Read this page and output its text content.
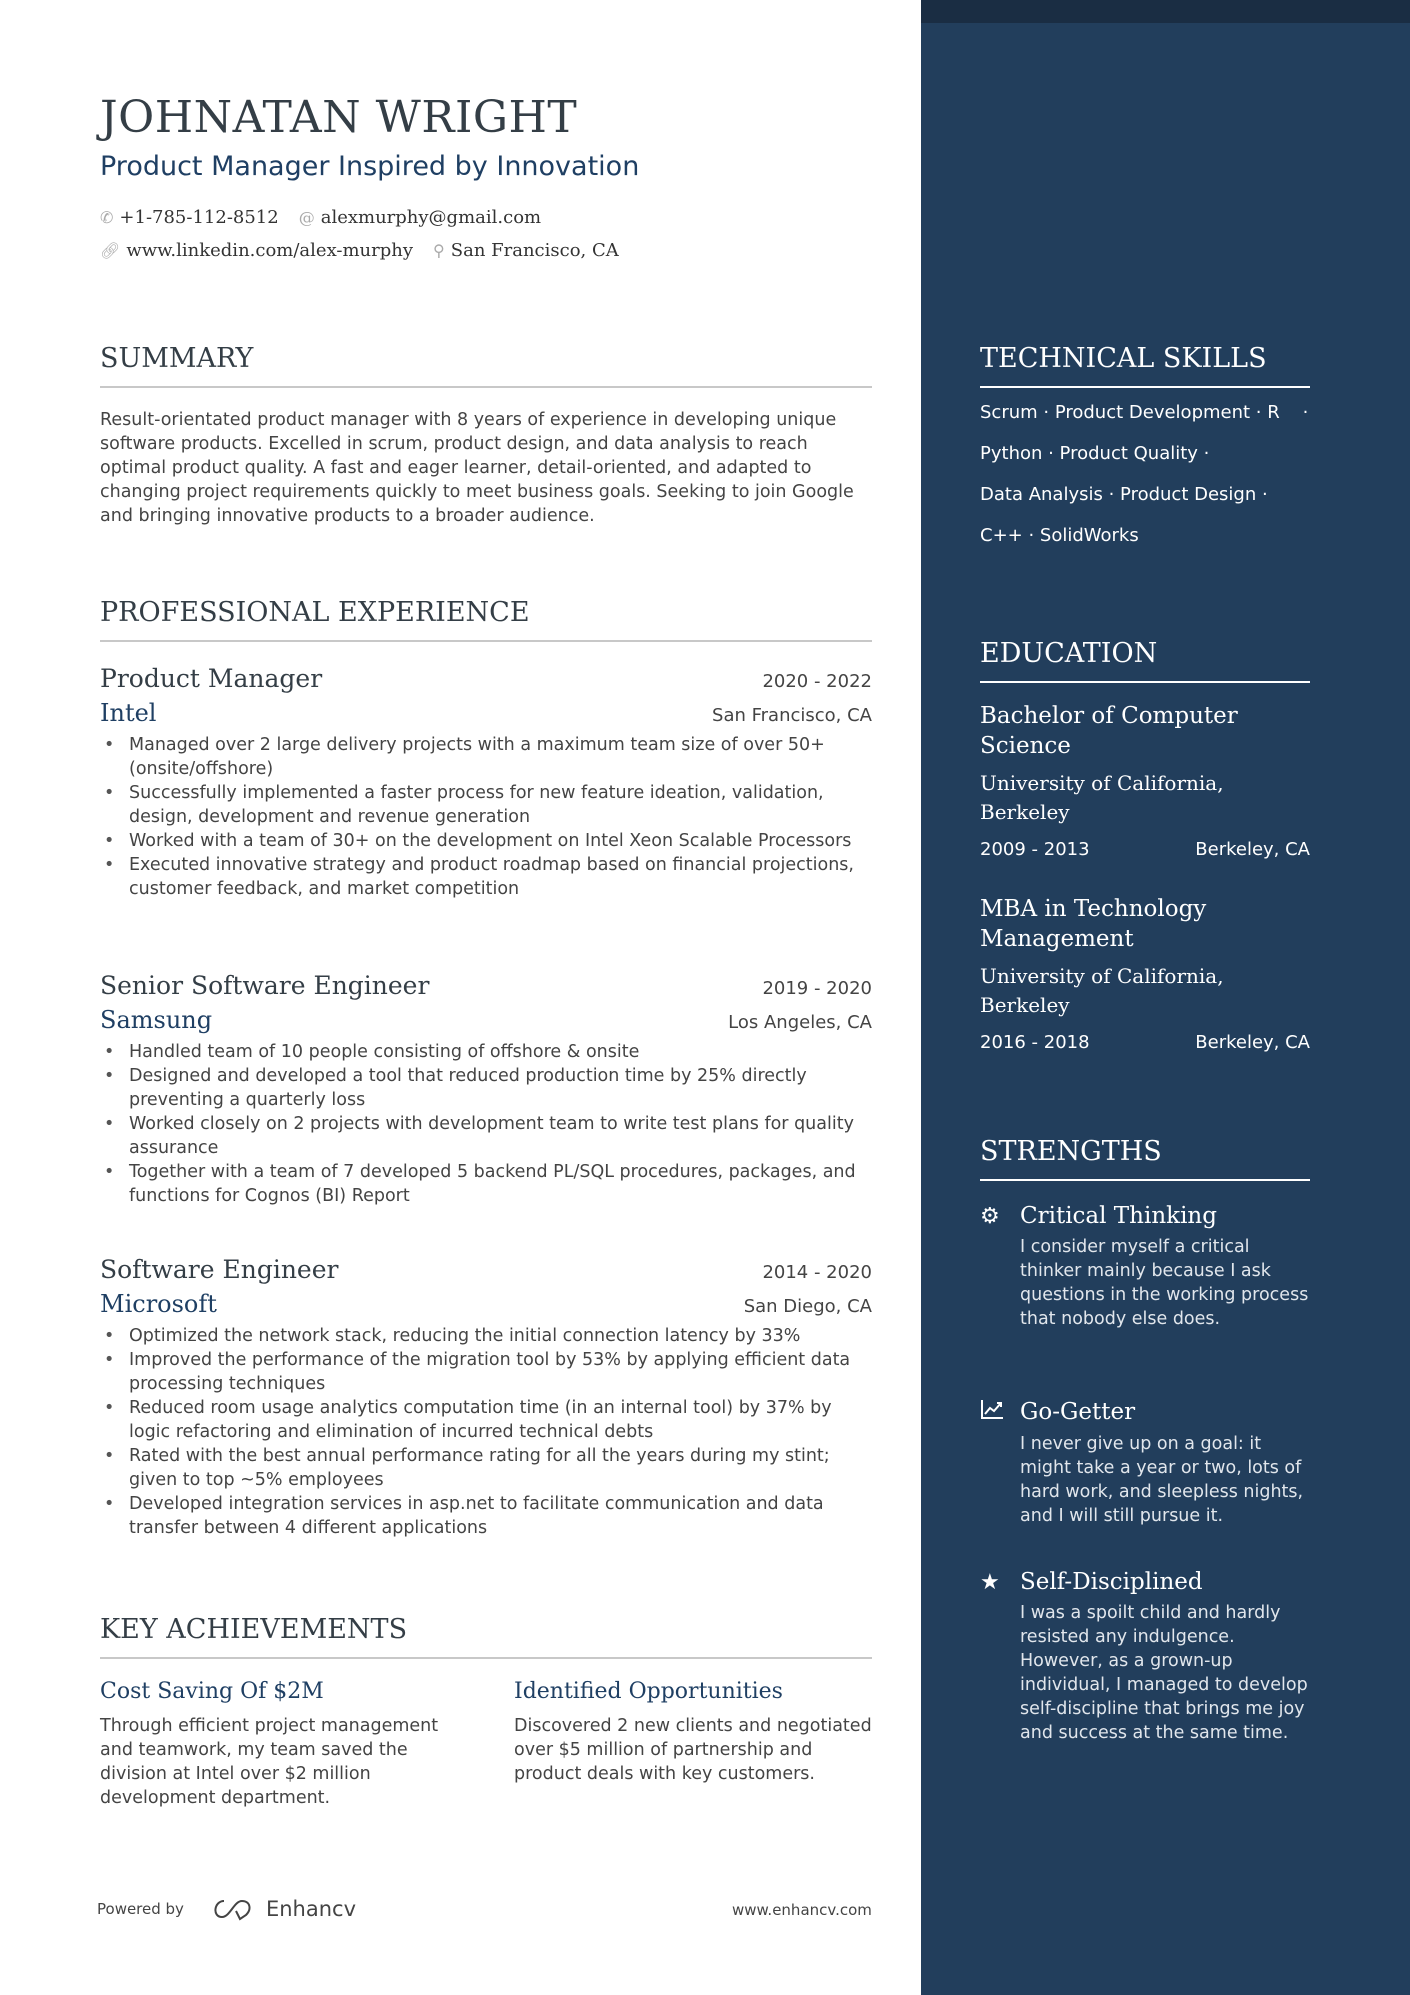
JOHNATAN WRIGHT
Product Manager Inspired by Innovation
✆ +1-785-112-8512 @ alexmurphy@gmail.com
🔗︎ www.linkedin.com/alex-murphy ⚲ San Francisco, CA
SUMMARY
Result-orientated product manager with 8 years of experience in developing unique software products. Excelled in scrum, product design, and data analysis to reach optimal product quality. A fast and eager learner, detail-oriented, and adapted to changing project requirements quickly to meet business goals. Seeking to join Google and bringing innovative products to a broader audience.
PROFESSIONAL EXPERIENCE
Product Manager	2020 - 2022
Intel	San Francisco, CA
• Managed over 2 large delivery projects with a maximum team size of over 50+ (onsite/offshore)
• Successfully implemented a faster process for new feature ideation, validation, design, development and revenue generation
• Worked with a team of 30+ on the development on Intel Xeon Scalable Processors
• Executed innovative strategy and product roadmap based on financial projections, customer feedback, and market competition
Senior Software Engineer	2019 - 2020
Samsung	Los Angeles, CA
• Handled team of 10 people consisting of offshore & onsite
• Designed and developed a tool that reduced production time by 25% directly preventing a quarterly loss
• Worked closely on 2 projects with development team to write test plans for quality assurance
• Together with a team of 7 developed 5 backend PL/SQL procedures, packages, and functions for Cognos (BI) Report
Software Engineer	2014 - 2020
Microsoft	San Diego, CA
• Optimized the network stack, reducing the initial connection latency by 33%
• Improved the performance of the migration tool by 53% by applying efficient data processing techniques
• Reduced room usage analytics computation time (in an internal tool) by 37% by logic refactoring and elimination of incurred technical debts
• Rated with the best annual performance rating for all the years during my stint; given to top ~5% employees
• Developed integration services in asp.net to facilitate communication and data transfer between 4 different applications
KEY ACHIEVEMENTS
Cost Saving Of $2M
Through efficient project management and teamwork, my team saved the division at Intel over $2 million development department.
Identified Opportunities
Discovered 2 new clients and negotiated over $5 million of partnership and product deals with key customers.
Powered by	Enhancv	www.enhancv.com
TECHNICAL SKILLS
Scrum · Product Development · R    ·
Python · Product Quality ·
Data Analysis · Product Design ·
C++ · SolidWorks
EDUCATION
Bachelor of Computer Science
University of California, Berkeley
2009 - 2013	Berkeley, CA
MBA in Technology Management
University of California, Berkeley
2016 - 2018	Berkeley, CA
STRENGTHS
⚙ Critical Thinking
I consider myself a critical thinker mainly because I ask questions in the working process that nobody else does.
Go-Getter
I never give up on a goal: it might take a year or two, lots of hard work, and sleepless nights, and I will still pursue it.
★ Self-Disciplined
I was a spoilt child and hardly resisted any indulgence. However, as a grown-up individual, I managed to develop self-discipline that brings me joy and success at the same time.
